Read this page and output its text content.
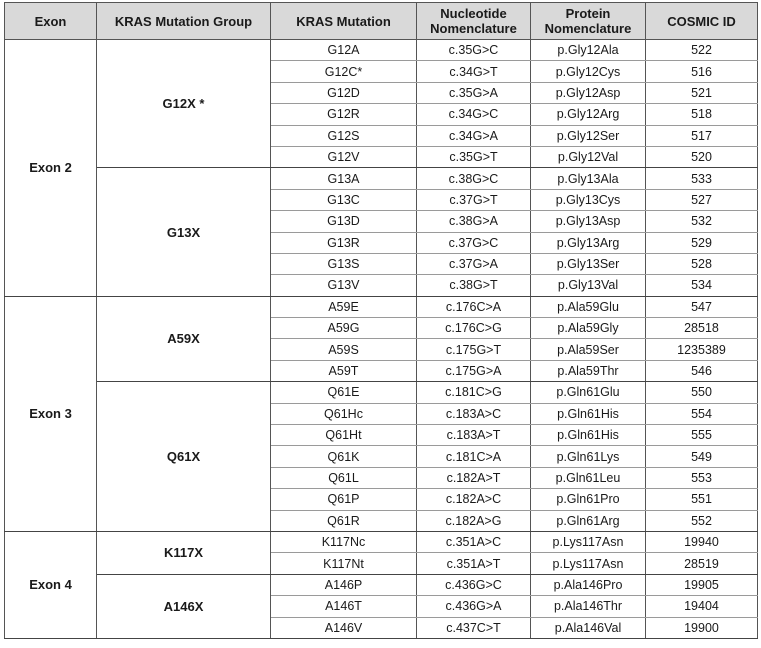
Exon	KRAS Mutation Group	KRAS Mutation	Nucleotide Nomenclature	Protein Nomenclature	COSMIC ID
Exon 2	G12X *	G12A	c.35G>C	p.Gly12Ala	522
		G12C*	c.34G>T	p.Gly12Cys	516
		G12D	c.35G>A	p.Gly12Asp	521
		G12R	c.34G>C	p.Gly12Arg	518
		G12S	c.34G>A	p.Gly12Ser	517
		G12V	c.35G>T	p.Gly12Val	520
	G13X	G13A	c.38G>C	p.Gly13Ala	533
		G13C	c.37G>T	p.Gly13Cys	527
		G13D	c.38G>A	p.Gly13Asp	532
		G13R	c.37G>C	p.Gly13Arg	529
		G13S	c.37G>A	p.Gly13Ser	528
		G13V	c.38G>T	p.Gly13Val	534
Exon 3	A59X	A59E	c.176C>A	p.Ala59Glu	547
		A59G	c.176C>G	p.Ala59Gly	28518
		A59S	c.175G>T	p.Ala59Ser	1235389
		A59T	c.175G>A	p.Ala59Thr	546
	Q61X	Q61E	c.181C>G	p.Gln61Glu	550
		Q61Hc	c.183A>C	p.Gln61His	554
		Q61Ht	c.183A>T	p.Gln61His	555
		Q61K	c.181C>A	p.Gln61Lys	549
		Q61L	c.182A>T	p.Gln61Leu	553
		Q61P	c.182A>C	p.Gln61Pro	551
		Q61R	c.182A>G	p.Gln61Arg	552
Exon 4	K117X	K117Nc	c.351A>C	p.Lys117Asn	19940
		K117Nt	c.351A>T	p.Lys117Asn	28519
	A146X	A146P	c.436G>C	p.Ala146Pro	19905
		A146T	c.436G>A	p.Ala146Thr	19404
		A146V	c.437C>T	p.Ala146Val	19900
